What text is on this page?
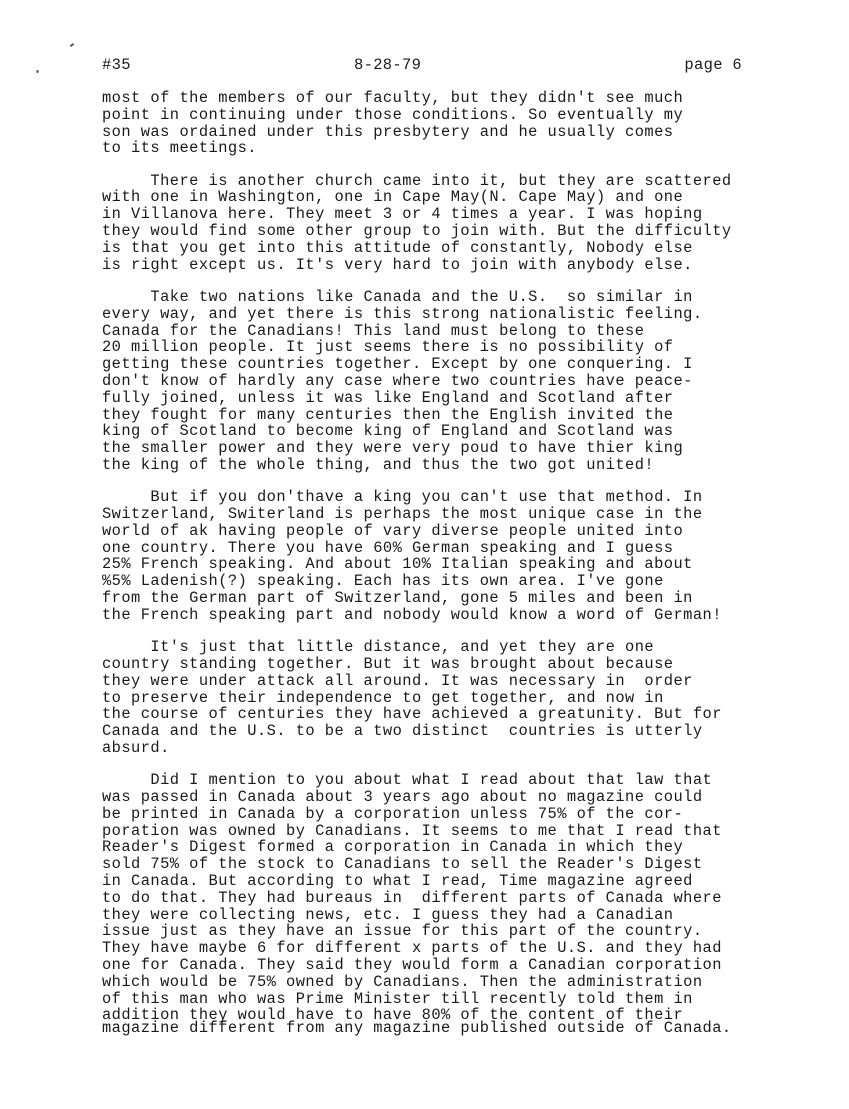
#35	8-28-79	page 6
most of the members of our faculty, but they didn't see much
point in continuing under those conditions. So eventually my
son was ordained under this presbytery and he usually comes
to its meetings.
There is another church came into it, but they are scattered
with one in Washington, one in Cape May(N. Cape May) and one
in Villanova here. They meet 3 or 4 times a year. I was hoping
they would find some other group to join with. But the difficulty
is that you get into this attitude of constantly, Nobody else
is right except us. It's very hard to join with anybody else.
Take two nations like Canada and the U.S.  so similar in
every way, and yet there is this strong nationalistic feeling.
Canada for the Canadians! This land must belong to these
20 million people. It just seems there is no possibility of
getting these countries together. Except by one conquering. I
don't know of hardly any case where two countries have peace-
fully joined, unless it was like England and Scotland after
they fought for many centuries then the English invited the
king of Scotland to become king of England and Scotland was
the smaller power and they were very poud to have thier king
the king of the whole thing, and thus the two got united!
But if you don'thave a king you can't use that method. In
Switzerland, Switerland is perhaps the most unique case in the
world of ak having people of vary diverse people united into
one country. There you have 60% German speaking and I guess
25% French speaking. And about 10% Italian speaking and about
%5% Ladenish(?) speaking. Each has its own area. I've gone
from the German part of Switzerland, gone 5 miles and been in
the French speaking part and nobody would know a word of German!
It's just that little distance, and yet they are one
country standing together. But it was brought about because
they were under attack all around. It was necessary in  order
to preserve their independence to get together, and now in
the course of centuries they have achieved a greatunity. But for
Canada and the U.S. to be a two distinct  countries is utterly
absurd.
Did I mention to you about what I read about that law that
was passed in Canada about 3 years ago about no magazine could
be printed in Canada by a corporation unless 75% of the cor-
poration was owned by Canadians. It seems to me that I read that
Reader's Digest formed a corporation in Canada in which they
sold 75% of the stock to Canadians to sell the Reader's Digest
in Canada. But according to what I read, Time magazine agreed
to do that. They had bureaus in  different parts of Canada where
they were collecting news, etc. I guess they had a Canadian
issue just as they have an issue for this part of the country.
They have maybe 6 for different x parts of the U.S. and they had
one for Canada. They said they would form a Canadian corporation
which would be 75% owned by Canadians. Then the administration
of this man who was Prime Minister till recently told them in
addition they would have to have 80% of the content of their
magazine different from any magazine published outside of Canada.
